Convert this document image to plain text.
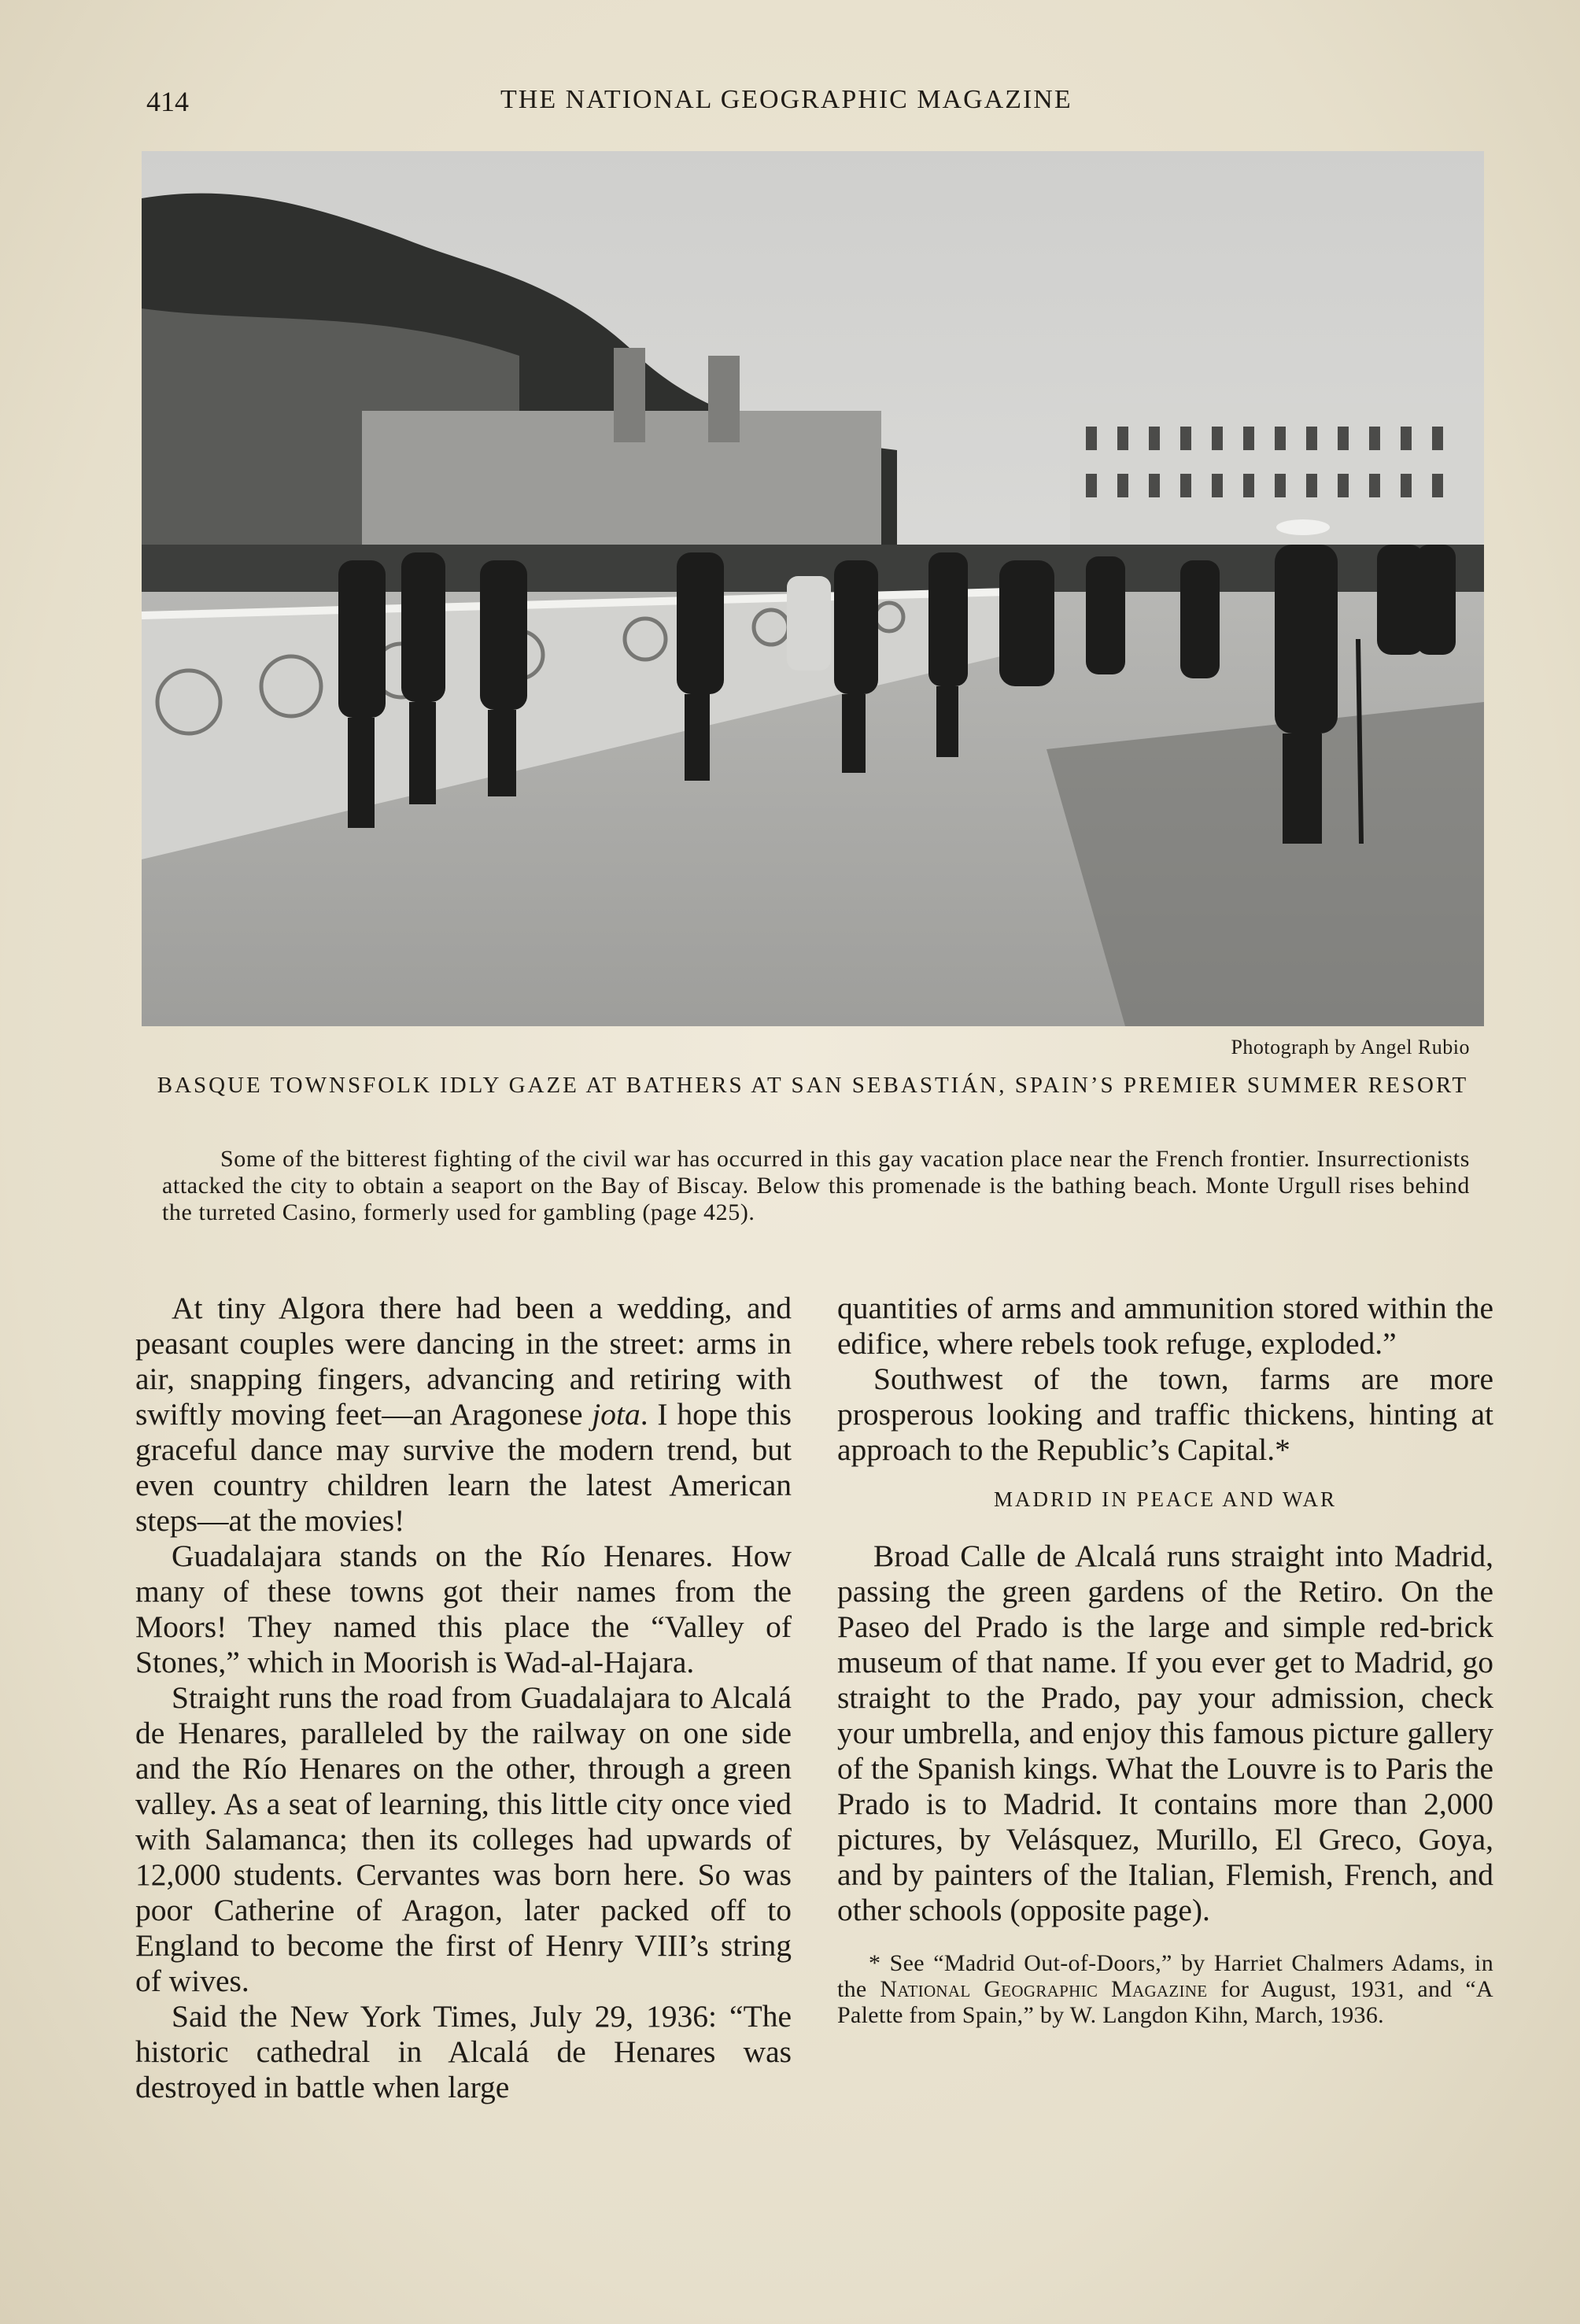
414	THE NATIONAL GEOGRAPHIC MAGAZINE
Photograph by Angel Rubio
BASQUE TOWNSFOLK IDLY GAZE AT BATHERS AT SAN SEBASTIÁN, SPAIN’S PREMIER SUMMER RESORT
Some of the bitterest fighting of the civil war has occurred in this gay vacation place near the French frontier. Insurrectionists attacked the city to obtain a seaport on the Bay of Biscay. Below this promenade is the bathing beach. Monte Urgull rises behind the turreted Casino, formerly used for gambling (page 425).

At tiny Algora there had been a wedding, and peasant couples were dancing in the street: arms in air, snapping fingers, advancing and retiring with swiftly moving feet—an Aragonese jota. I hope this graceful dance may survive the modern trend, but even country children learn the latest American steps—at the movies!

Guadalajara stands on the Río Henares. How many of these towns got their names from the Moors! They named this place the “Valley of Stones,” which in Moorish is Wad-al-Hajara.

Straight runs the road from Guadalajara to Alcalá de Henares, paralleled by the railway on one side and the Río Henares on the other, through a green valley. As a seat of learning, this little city once vied with Salamanca; then its colleges had upwards of 12,000 students. Cervantes was born here. So was poor Catherine of Aragon, later packed off to England to become the first of Henry VIII’s string of wives.

Said the New York Times, July 29, 1936: “The historic cathedral in Alcalá de Henares was destroyed in battle when large

quantities of arms and ammunition stored within the edifice, where rebels took refuge, exploded.”

Southwest of the town, farms are more prosperous looking and traffic thickens, hinting at approach to the Republic’s Capital.*

MADRID IN PEACE AND WAR

Broad Calle de Alcalá runs straight into Madrid, passing the green gardens of the Retiro. On the Paseo del Prado is the large and simple red-brick museum of that name. If you ever get to Madrid, go straight to the Prado, pay your admission, check your umbrella, and enjoy this famous picture gallery of the Spanish kings. What the Louvre is to Paris the Prado is to Madrid. It contains more than 2,000 pictures, by Velásquez, Murillo, El Greco, Goya, and by painters of the Italian, Flemish, French, and other schools (opposite page).

* See “Madrid Out-of-Doors,” by Harriet Chalmers Adams, in the National Geographic Magazine for August, 1931, and “A Palette from Spain,” by W. Langdon Kihn, March, 1936.
